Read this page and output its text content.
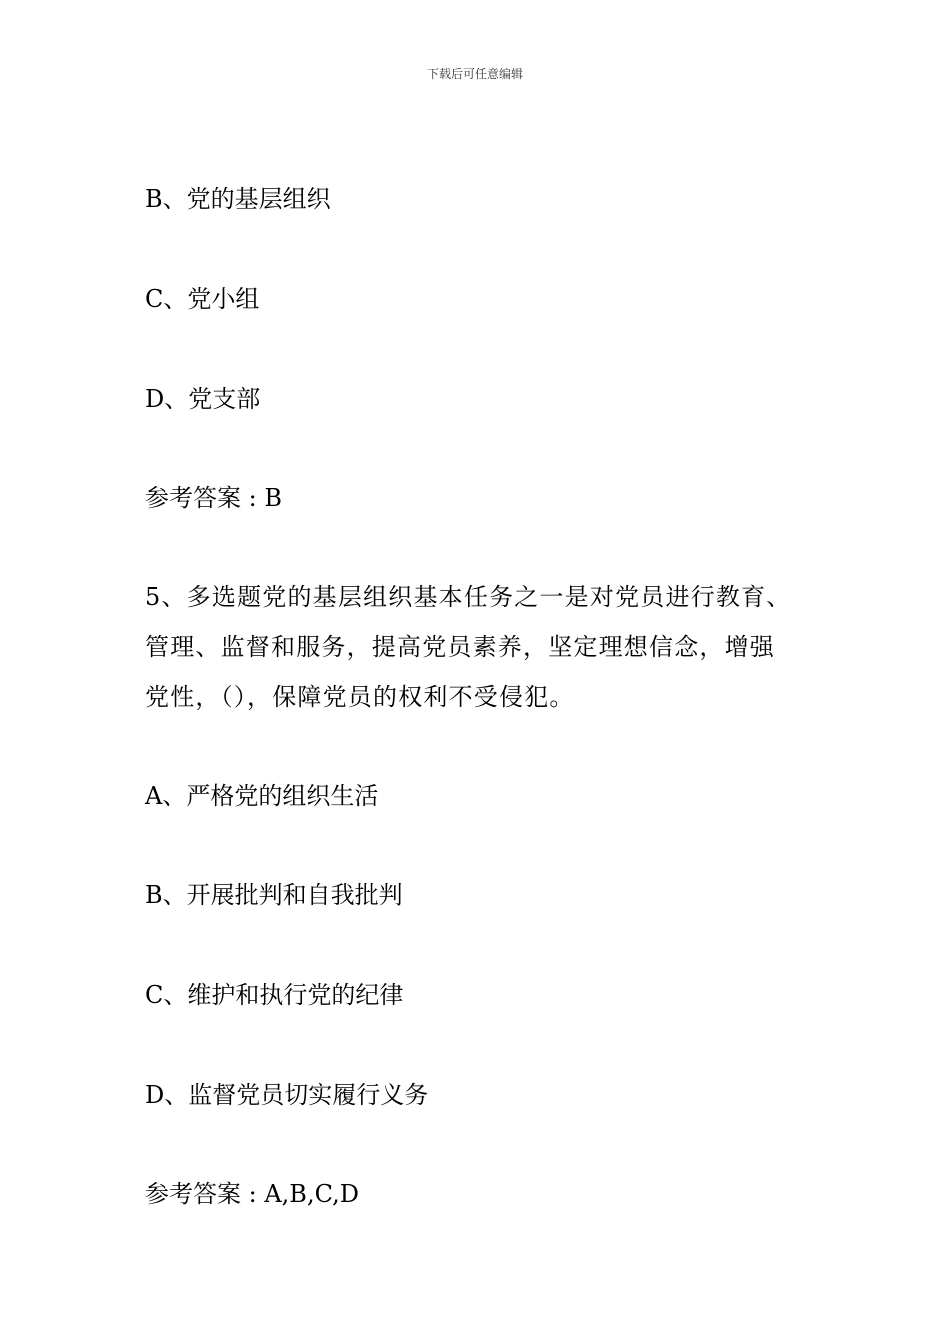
下载后可任意编辑
B、党的基层组织
C、党小组
D、党支部
参考答案 : B
5、多选题党的基层组织基本任务之一是对党员进行教育、
管理、监督和服务，提高党员素养，坚定理想信念，增强
党性，（），保障党员的权利不受侵犯。
A、严格党的组织生活
B、开展批判和自我批判
C、维护和执行党的纪律
D、监督党员切实履行义务
参考答案 : A,B,C,D
